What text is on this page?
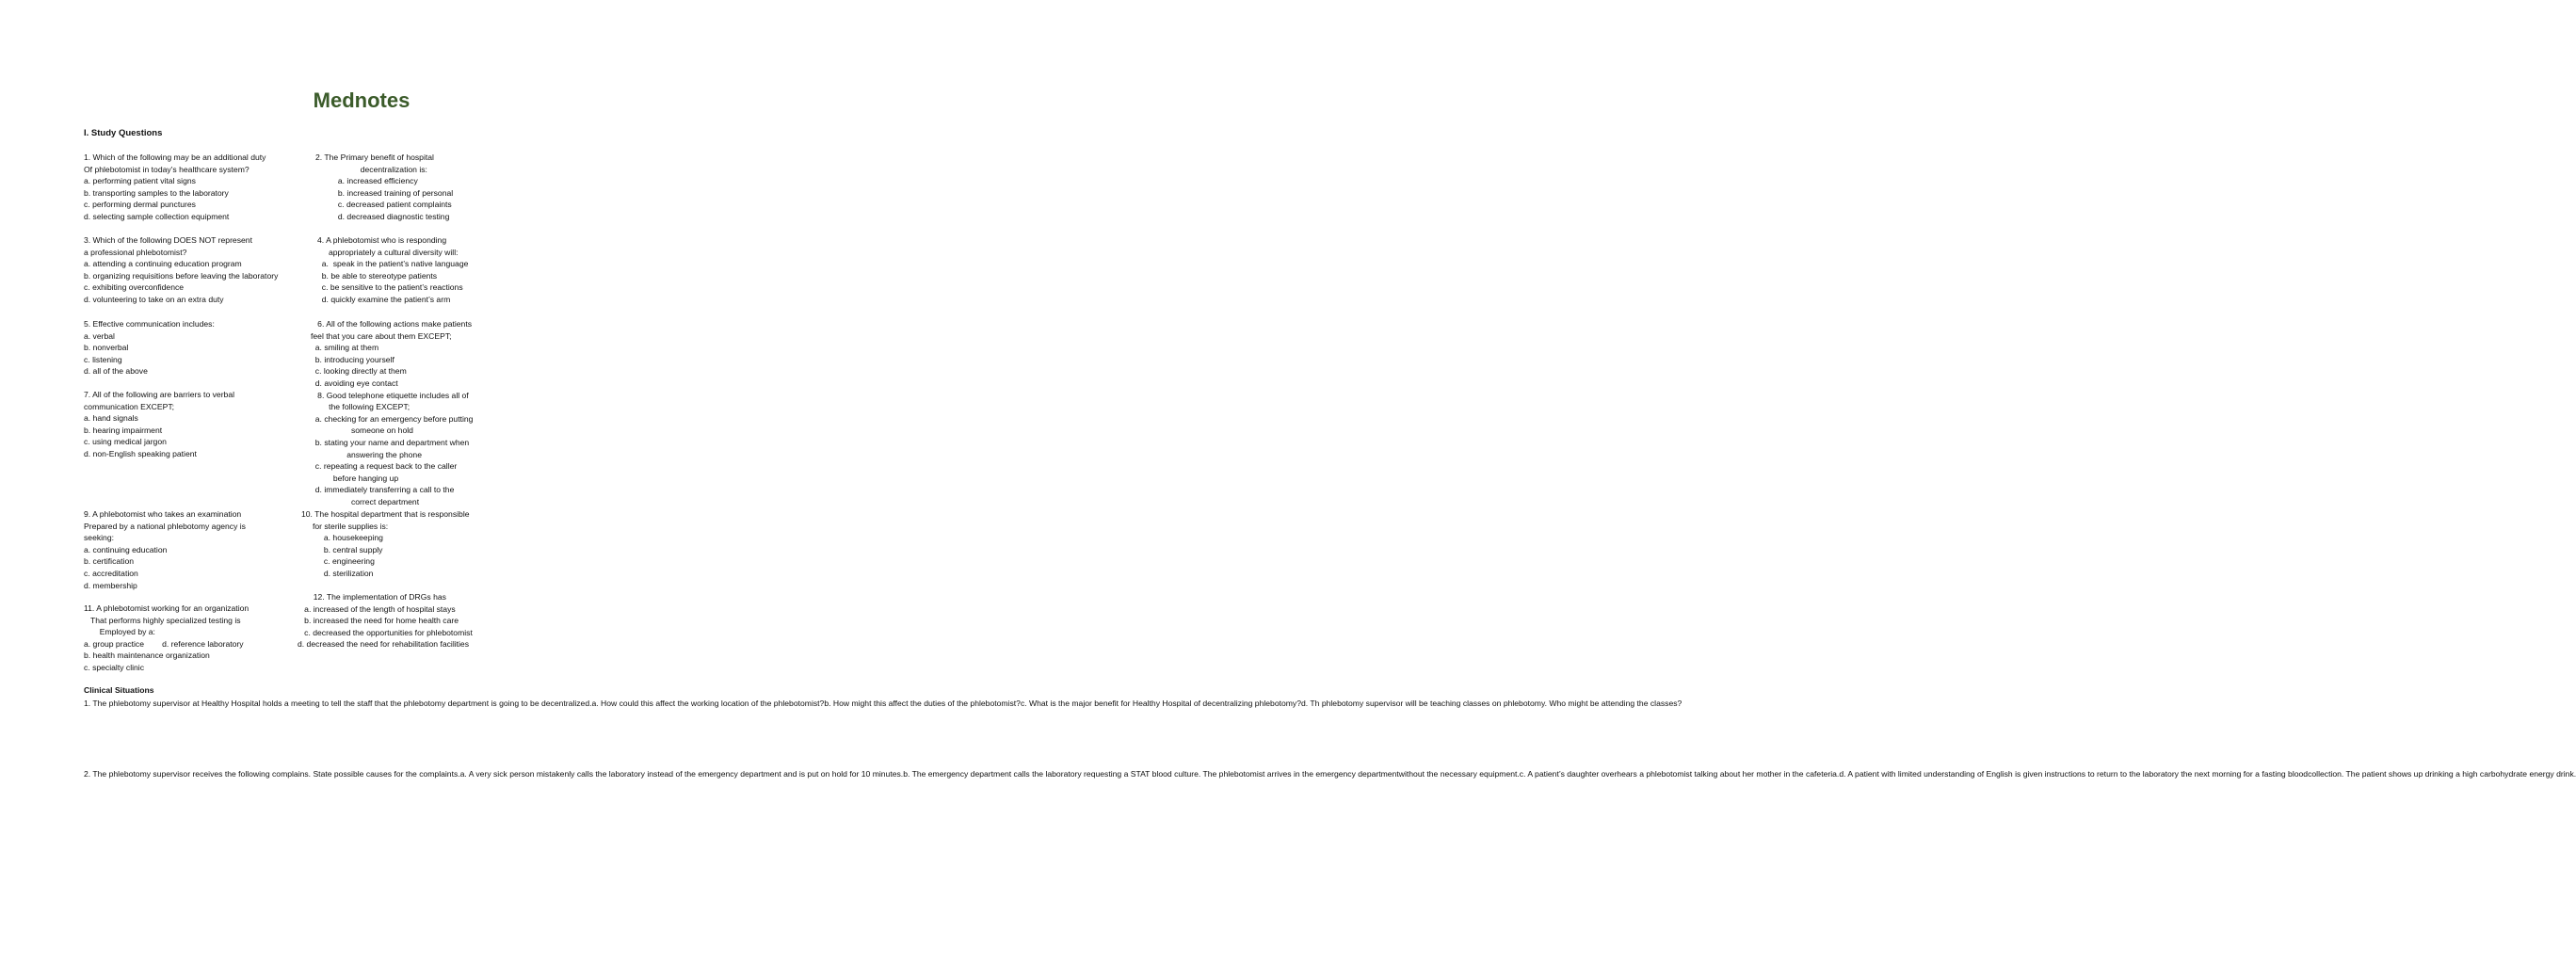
Mednotes
I. Study Questions
1. Which of the following may be an additional duty
Of phlebotomist in today’s healthcare system?
a. performing patient vital signs
b. transporting samples to the laboratory
c. performing dermal punctures
d. selecting sample collection equipment
2. The Primary benefit of hospital
decentralization is:
a. increased efficiency
b. increased training of personal
c. decreased patient complaints
d. decreased diagnostic testing
3. Which of the following DOES NOT represent
a professional phlebotomist?
a. attending a continuing education program
b. organizing requisitions before leaving the laboratory
c. exhibiting overconfidence
d. volunteering to take on an extra duty
4. A phlebotomist who is responding
appropriately a cultural diversity will:
a.  speak in the patient’s native language
b. be able to stereotype patients
c. be sensitive to the patient’s reactions
d. quickly examine the patient’s arm
5. Effective communication includes:
a. verbal
b. nonverbal
c. listening
d. all of the above
6. All of the following actions make patients
feel that you care about them EXCEPT;
a. smiling at them
b. introducing yourself
c. looking directly at them
d. avoiding eye contact
8. Good telephone etiquette includes all of
the following EXCEPT;
a. checking for an emergency before putting
someone on hold
b. stating your name and department when
answering the phone
c. repeating a request back to the caller
before hanging up
d. immediately transferring a call to the
correct department
7. All of the following are barriers to verbal
communication EXCEPT;
a. hand signals
b. hearing impairment
c. using medical jargon
d. non-English speaking patient
9. A phlebotomist who takes an examination
Prepared by a national phlebotomy agency is
seeking:
a. continuing education
b. certification
c. accreditation
d. membership
10. The hospital department that is responsible
for sterile supplies is:
a. housekeeping
b. central supply
c. engineering
d. sterilization
11. A phlebotomist working for an organization
That performs highly specialized testing is
Employed by a:
a. group practice        d. reference laboratory
b. health maintenance organization
c. specialty clinic
12. The implementation of DRGs has
a. increased of the length of hospital stays
b. increased the need for home health care
c. decreased the opportunities for phlebotomist
d. decreased the need for rehabilitation facilities
Clinical Situations
1. The phlebotomy supervisor at Healthy Hospital holds a meeting to tell the staff that the phlebotomy department is going to be decentralized.a. How could this affect the working location of the phlebotomist?b. How might this affect the duties of the phlebotomist?c. What is the major benefit for Healthy Hospital of decentralizing phlebotomy?d. Th phlebotomy supervisor will be teaching classes on phlebotomy. Who might be attending the classes?
2. The phlebotomy supervisor receives the following complains. State possible causes for the complaints.a. A very sick person mistakenly calls the laboratory instead of the emergency department and is put on hold for 10 minutes.b. The emergency department calls the laboratory requesting a STAT blood culture. The phlebotomist arrives in the emergency departmentwithout the necessary equipment.c. A patient’s daughter overhears a phlebotomist talking about her mother in the cafeteria.d. A patient with limited understanding of English is given instructions to return to the laboratory the next morning for a fasting bloodcollection. The patient shows up drinking a high carbohydrate energy drink.
